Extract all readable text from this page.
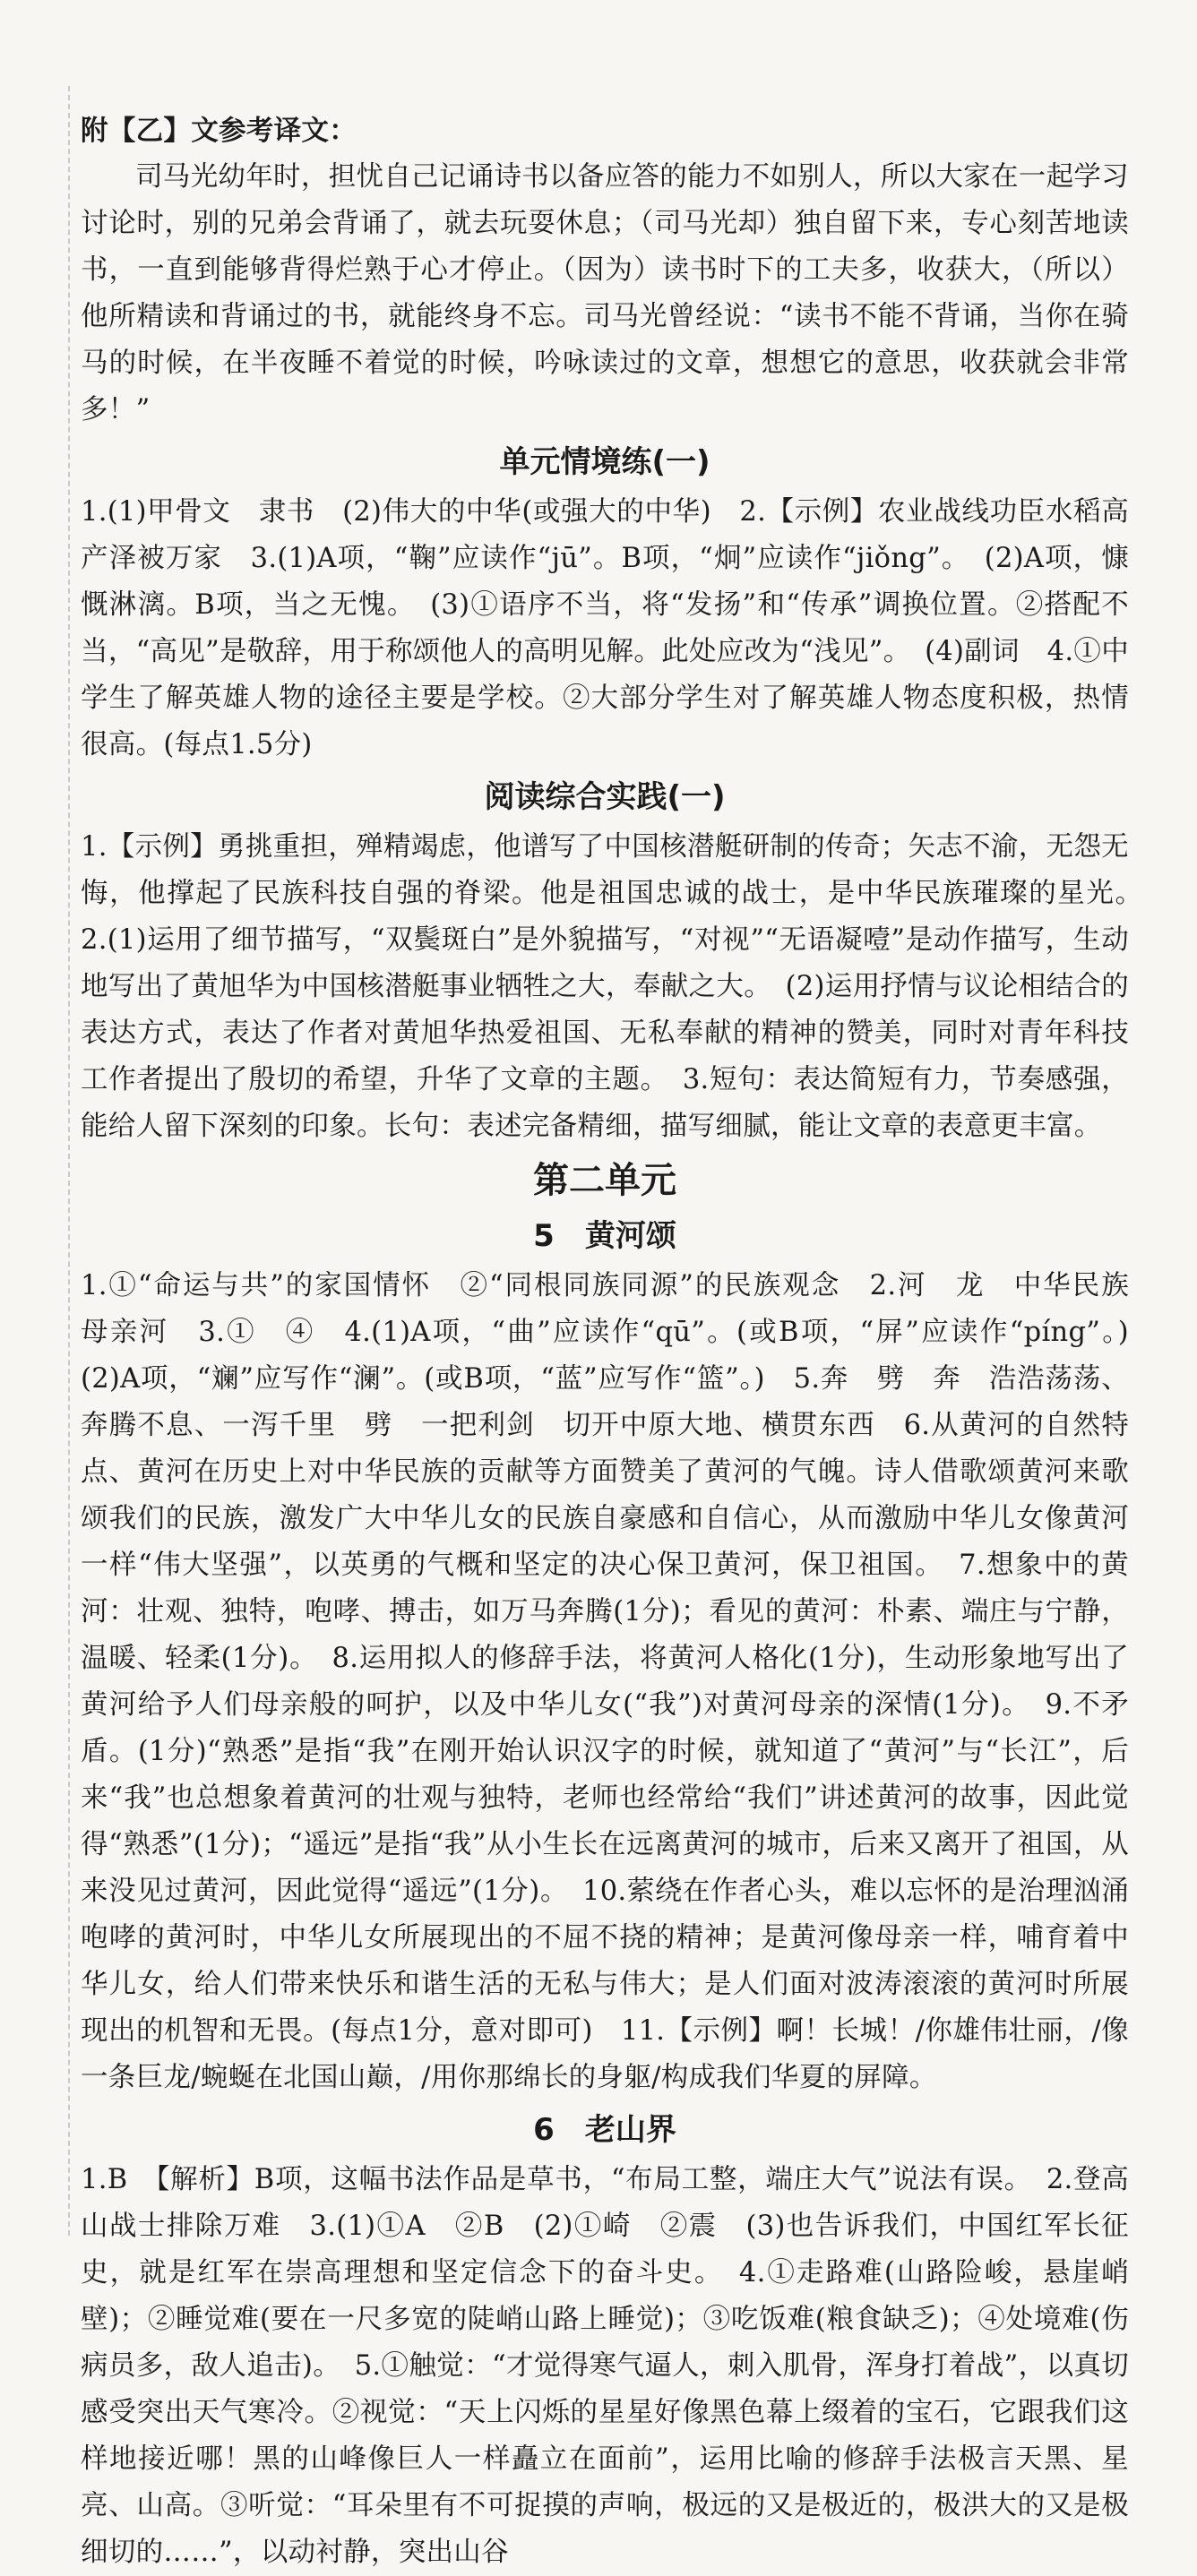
附【乙】文参考译文：

司马光幼年时，担忧自己记诵诗书以备应答的能力不如别人，所以大家在一起学习讨论时，别的兄弟会背诵了，就去玩耍休息；（司马光却）独自留下来，专心刻苦地读书，一直到能够背得烂熟于心才停止。（因为）读书时下的工夫多，收获大，（所以）他所精读和背诵过的书，就能终身不忘。司马光曾经说：“读书不能不背诵，当你在骑马的时候，在半夜睡不着觉的时候，吟咏读过的文章，想想它的意思，收获就会非常多！”

单元情境练(一)

1.(1)甲骨文　隶书　(2)伟大的中华(或强大的中华)　2.【示例】农业战线功臣水稻高产泽被万家　3.(1)A项，“鞠”应读作“jū”。B项，“炯”应读作“jiǒng”。　(2)A项，慷慨淋漓。B项，当之无愧。　(3)①语序不当，将“发扬”和“传承”调换位置。②搭配不当，“高见”是敬辞，用于称颂他人的高明见解。此处应改为“浅见”。　(4)副词　4.①中学生了解英雄人物的途径主要是学校。②大部分学生对了解英雄人物态度积极，热情很高。(每点1.5分)

阅读综合实践(一)

1.【示例】勇挑重担，殚精竭虑，他谱写了中国核潜艇研制的传奇；矢志不渝，无怨无悔，他撑起了民族科技自强的脊梁。他是祖国忠诚的战士，是中华民族璀璨的星光。　2.(1)运用了细节描写，“双鬓斑白”是外貌描写，“对视”“无语凝噎”是动作描写，生动地写出了黄旭华为中国核潜艇事业牺牲之大，奉献之大。　(2)运用抒情与议论相结合的表达方式，表达了作者对黄旭华热爱祖国、无私奉献的精神的赞美，同时对青年科技工作者提出了殷切的希望，升华了文章的主题。　3.短句：表达简短有力，节奏感强，能给人留下深刻的印象。长句：表述完备精细，描写细腻，能让文章的表意更丰富。

第二单元
5　黄河颂

1.①“命运与共”的家国情怀　②“同根同族同源”的民族观念　2.河　龙　中华民族　母亲河　3.①　④　4.(1)A项，“曲”应读作“qū”。(或B项，“屏”应读作“píng”。)　(2)A项，“斓”应写作“澜”。(或B项，“蓝”应写作“篮”。)　5.奔　劈　奔　浩浩荡荡、奔腾不息、一泻千里　劈　一把利剑　切开中原大地、横贯东西　6.从黄河的自然特点、黄河在历史上对中华民族的贡献等方面赞美了黄河的气魄。诗人借歌颂黄河来歌颂我们的民族，激发广大中华儿女的民族自豪感和自信心，从而激励中华儿女像黄河一样“伟大坚强”，以英勇的气概和坚定的决心保卫黄河，保卫祖国。　7.想象中的黄河：壮观、独特，咆哮、搏击，如万马奔腾(1分)；看见的黄河：朴素、端庄与宁静，温暖、轻柔(1分)。　8.运用拟人的修辞手法，将黄河人格化(1分)，生动形象地写出了黄河给予人们母亲般的呵护，以及中华儿女(“我”)对黄河母亲的深情(1分)。　9.不矛盾。(1分)“熟悉”是指“我”在刚开始认识汉字的时候，就知道了“黄河”与“长江”，后来“我”也总想象着黄河的壮观与独特，老师也经常给“我们”讲述黄河的故事，因此觉得“熟悉”(1分)；“遥远”是指“我”从小生长在远离黄河的城市，后来又离开了祖国，从来没见过黄河，因此觉得“遥远”(1分)。　10.萦绕在作者心头，难以忘怀的是治理汹涌咆哮的黄河时，中华儿女所展现出的不屈不挠的精神；是黄河像母亲一样，哺育着中华儿女，给人们带来快乐和谐生活的无私与伟大；是人们面对波涛滚滚的黄河时所展现出的机智和无畏。(每点1分，意对即可)　11.【示例】啊！长城！/你雄伟壮丽，/像一条巨龙/蜿蜒在北国山巅，/用你那绵长的身躯/构成我们华夏的屏障。

6　老山界

1.B　【解析】B项，这幅书法作品是草书，“布局工整，端庄大气”说法有误。　2.登高山战士排除万难　3.(1)①A　②B　(2)①崎　②震　(3)也告诉我们，中国红军长征史，就是红军在崇高理想和坚定信念下的奋斗史。　4.①走路难(山路险峻，悬崖峭壁)；②睡觉难(要在一尺多宽的陡峭山路上睡觉)；③吃饭难(粮食缺乏)；④处境难(伤病员多，敌人追击)。　5.①触觉：“才觉得寒气逼人，刺入肌骨，浑身打着战”，以真切感受突出天气寒冷。②视觉：“天上闪烁的星星好像黑色幕上缀着的宝石，它跟我们这样地接近哪！黑的山峰像巨人一样矗立在面前”，运用比喻的修辞手法极言天黑、星亮、山高。③听觉：“耳朵里有不可捉摸的声响，极远的又是极近的，极洪大的又是极细切的……”，以动衬静，突出山谷
